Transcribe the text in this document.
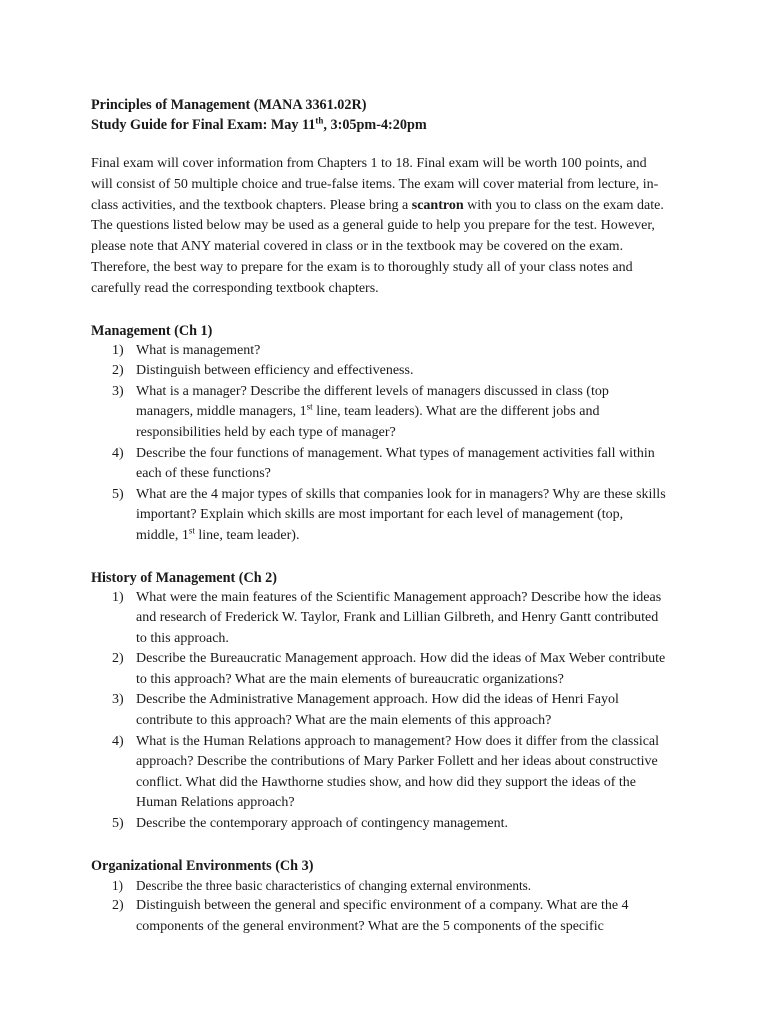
Principles of Management (MANA 3361.02R)

Study Guide for Final Exam: May 11th, 3:05pm-4:20pm

Final exam will cover information from Chapters 1 to 18. Final exam will be worth 100 points, and will consist of 50 multiple choice and true-false items. The exam will cover material from lecture, in-class activities, and the textbook chapters. Please bring a scantron with you to class on the exam date. The questions listed below may be used as a general guide to help you prepare for the test. However, please note that ANY material covered in class or in the textbook may be covered on the exam. Therefore, the best way to prepare for the exam is to thoroughly study all of your class notes and carefully read the corresponding textbook chapters.

Management (Ch 1)

1) What is management?
2) Distinguish between efficiency and effectiveness.
3) What is a manager? Describe the different levels of managers discussed in class (top managers, middle managers, 1st line, team leaders). What are the different jobs and responsibilities held by each type of manager?
4) Describe the four functions of management. What types of management activities fall within each of these functions?
5) What are the 4 major types of skills that companies look for in managers? Why are these skills important? Explain which skills are most important for each level of management (top, middle, 1st line, team leader).

History of Management (Ch 2)

1) What were the main features of the Scientific Management approach? Describe how the ideas and research of Frederick W. Taylor, Frank and Lillian Gilbreth, and Henry Gantt contributed to this approach.
2) Describe the Bureaucratic Management approach. How did the ideas of Max Weber contribute to this approach? What are the main elements of bureaucratic organizations?
3) Describe the Administrative Management approach. How did the ideas of Henri Fayol contribute to this approach? What are the main elements of this approach?
4) What is the Human Relations approach to management? How does it differ from the classical approach? Describe the contributions of Mary Parker Follett and her ideas about constructive conflict. What did the Hawthorne studies show, and how did they support the ideas of the Human Relations approach?
5) Describe the contemporary approach of contingency management.

Organizational Environments (Ch 3)

1) Describe the three basic characteristics of changing external environments.
2) Distinguish between the general and specific environment of a company. What are the 4 components of the general environment? What are the 5 components of the specific
